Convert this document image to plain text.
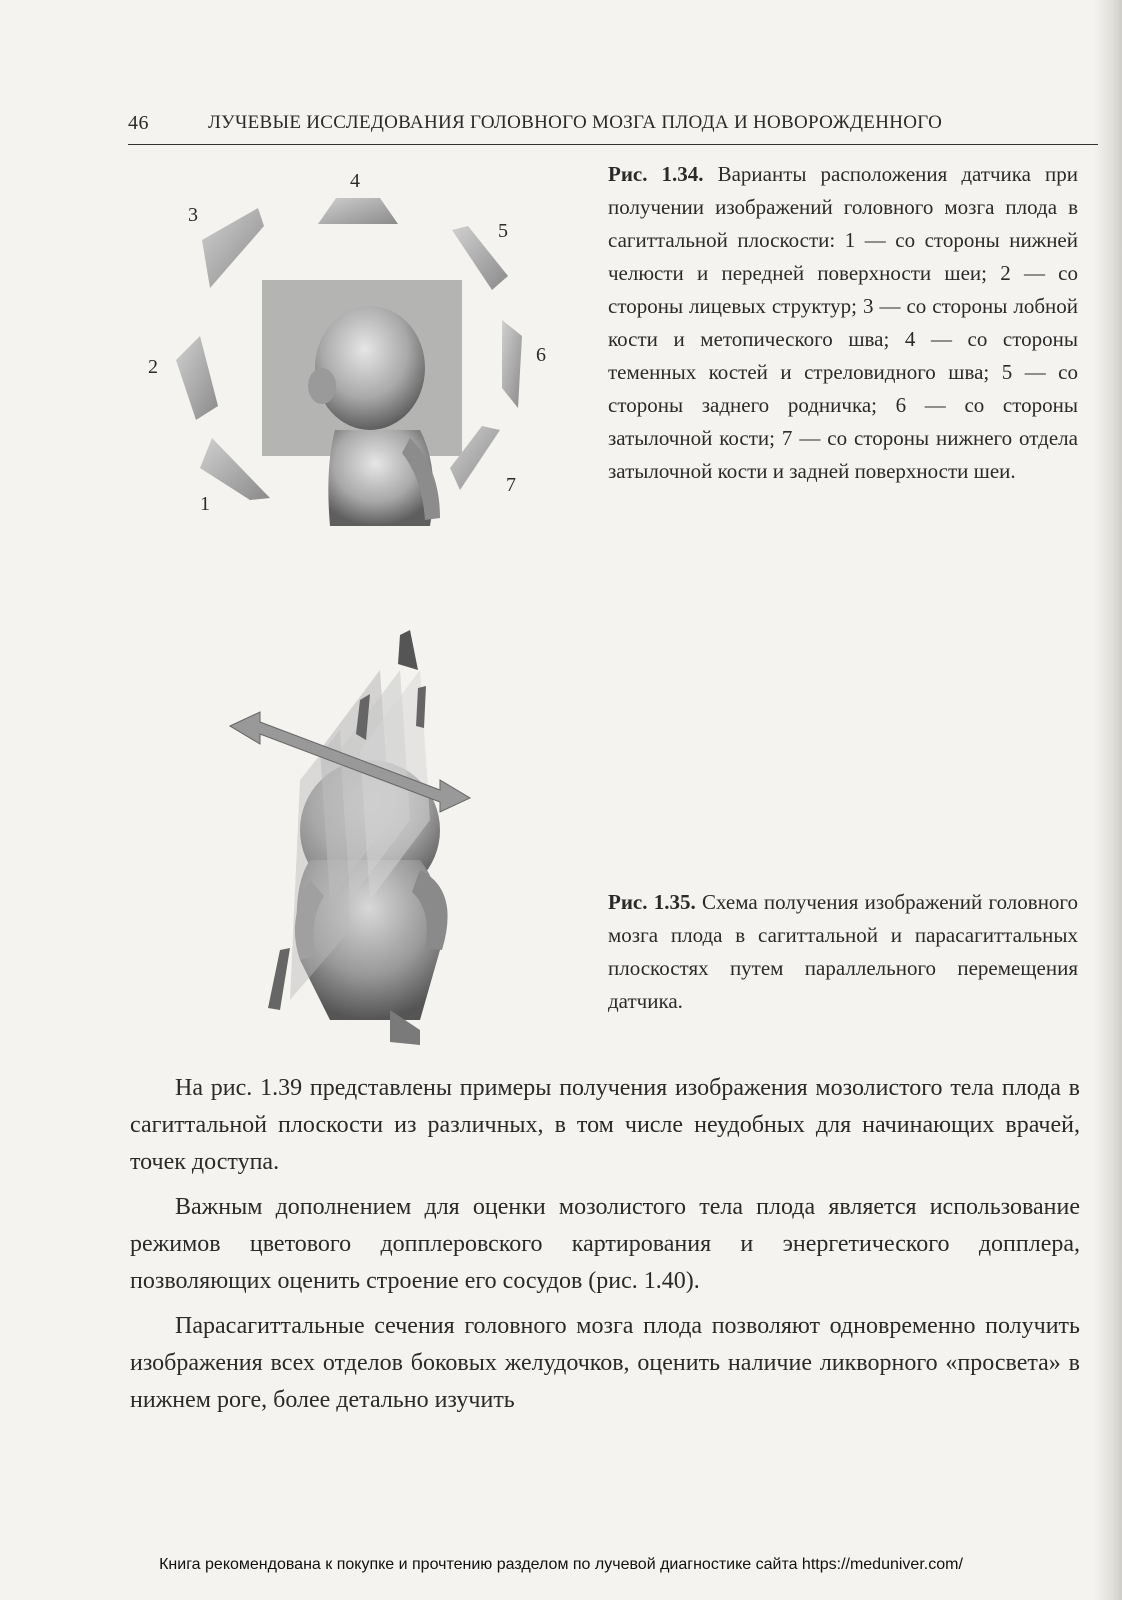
46	ЛУЧЕВЫЕ ИССЛЕДОВАНИЯ ГОЛОВНОГО МОЗГА ПЛОДА И НОВОРОЖДЕННОГО
1
2
3
4
5
6
7
Рис. 1.34. Варианты расположения датчика при получении изображений головного мозга плода в сагиттальной плоскости: 1 — со стороны нижней челюсти и передней поверхности шеи; 2 — со стороны лицевых структур; 3 — со стороны лобной кости и метопического шва; 4 — со стороны теменных костей и стреловидного шва; 5 — со стороны заднего родничка; 6 — со стороны затылочной кости; 7 — со стороны нижнего отдела затылочной кости и задней поверхности шеи.
Рис. 1.35. Схема получения изображений головного мозга плода в сагиттальной и парасагиттальных плоскостях путем параллельного перемещения датчика.

На рис. 1.39 представлены примеры получения изображения мозолистого тела плода в сагиттальной плоскости из различных, в том числе неудобных для начинающих врачей, точек доступа.

Важным дополнением для оценки мозолистого тела плода является использование режимов цветового допплеровского картирования и энергетического допплера, позволяющих оценить строение его сосудов (рис. 1.40).

Парасагиттальные сечения головного мозга плода позволяют одновременно получить изображения всех отделов боковых желудочков, оценить наличие ликворного «просвета» в нижнем роге, более детально изучить

Книга рекомендована к покупке и прочтению разделом по лучевой диагностике сайта https://meduniver.com/
